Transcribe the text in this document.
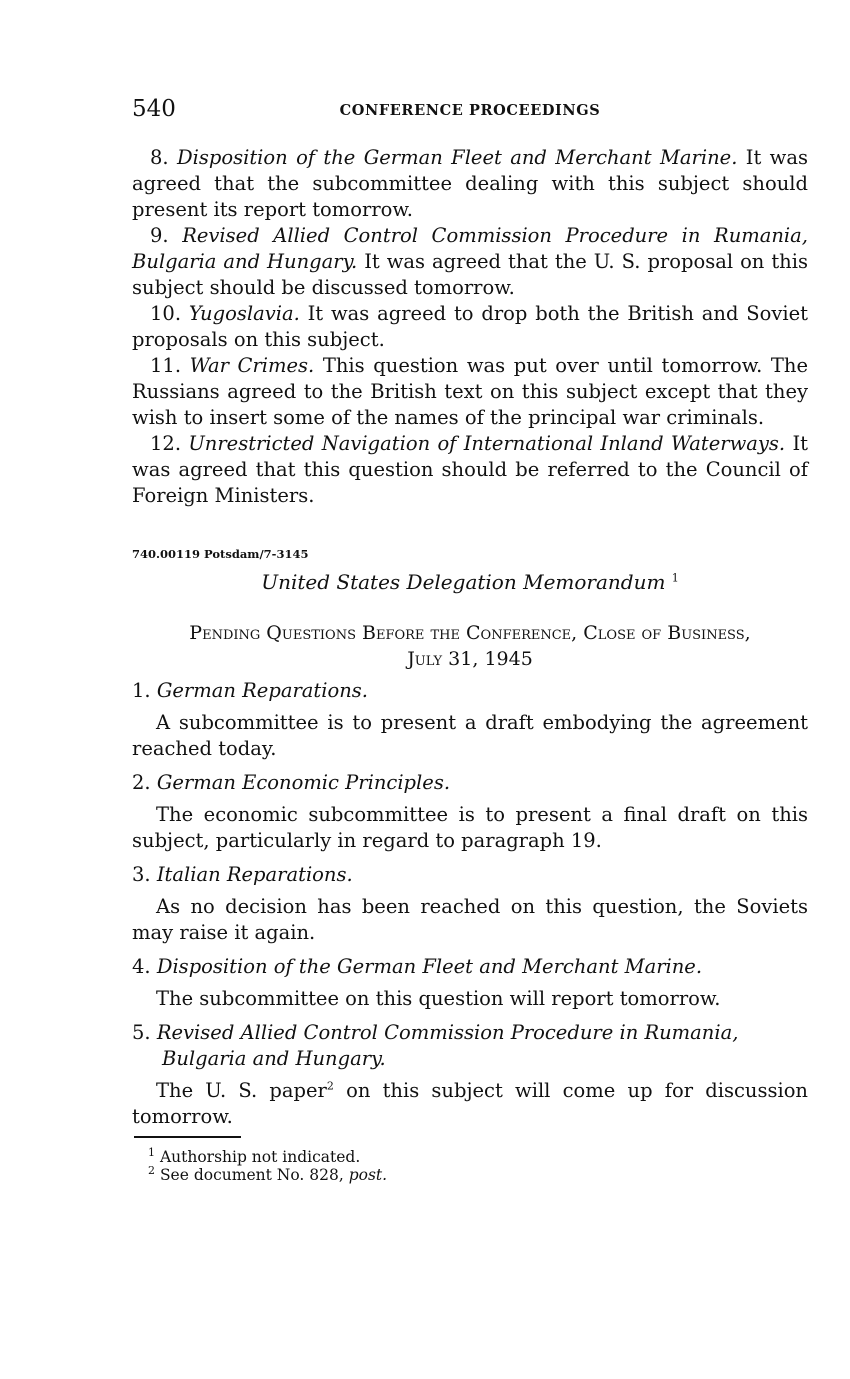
540	CONFERENCE PROCEEDINGS

8. Disposition of the German Fleet and Merchant Marine. It was agreed that the subcommittee dealing with this subject should present its report tomorrow.

9. Revised Allied Control Commission Procedure in Rumania, Bulgaria and Hungary. It was agreed that the U. S. proposal on this subject should be discussed tomorrow.

10. Yugoslavia. It was agreed to drop both the British and Soviet proposals on this subject.

11. War Crimes. This question was put over until tomorrow. The Russians agreed to the British text on this subject except that they wish to insert some of the names of the principal war criminals.

12. Unrestricted Navigation of International Inland Waterways. It was agreed that this question should be referred to the Council of Foreign Ministers.

740.00119 Potsdam/7-3145
United States Delegation Memorandum $^1$
Pending Questions Before the Conference, Close of Business,
July 31, 1945

1. German Reparations.

A subcommittee is to present a draft embodying the agreement reached today.

2. German Economic Principles.

The economic subcommittee is to present a final draft on this subject, particularly in regard to paragraph 19.

3. Italian Reparations.

As no decision has been reached on this question, the Soviets may raise it again.

4. Disposition of the German Fleet and Merchant Marine.

The subcommittee on this question will report tomorrow.

5. Revised Allied Control Commission Procedure in Rumania, Bulgaria and Hungary.

The U. S. paper$^2$ on this subject will come up for discussion tomorrow.

$^1$ Authorship not indicated.

$^2$ See document No. 828, post.
